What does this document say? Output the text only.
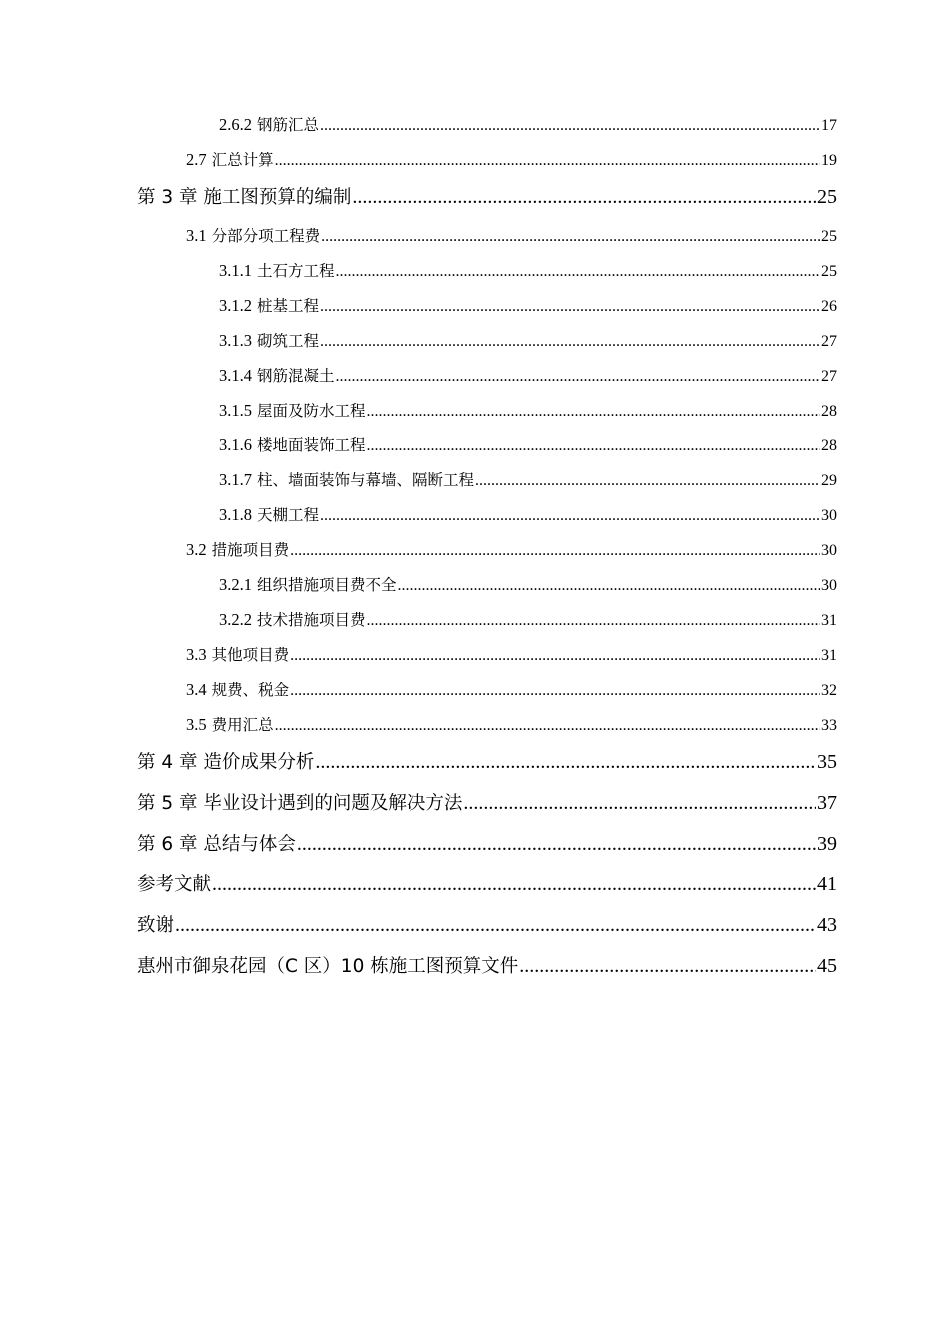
2.6.2 钢筋汇总 .....	17
2.7 汇总计算 .....	19
第 3 章 施工图预算的编制 .....	25
3.1 分部分项工程费 .....	25
3.1.1 土石方工程 .....	25
3.1.2 桩基工程 .....	26
3.1.3 砌筑工程 .....	27
3.1.4 钢筋混凝土 .....	27
3.1.5 屋面及防水工程 .....	28
3.1.6 楼地面装饰工程 .....	28
3.1.7 柱、墙面装饰与幕墙、隔断工程 .....	29
3.1.8 天棚工程 .....	30
3.2 措施项目费 .....	30
3.2.1 组织措施项目费不全 .....	30
3.2.2 技术措施项目费 .....	31
3.3 其他项目费 .....	31
3.4 规费、税金 .....	32
3.5 费用汇总 .....	33
第 4 章 造价成果分析 .....	35
第 5 章 毕业设计遇到的问题及解决方法 .....	37
第 6 章 总结与体会 .....	39
参考文献 .....	41
致谢 .....	43
惠州市御泉花园（C 区）10 栋施工图预算文件 .....	45
